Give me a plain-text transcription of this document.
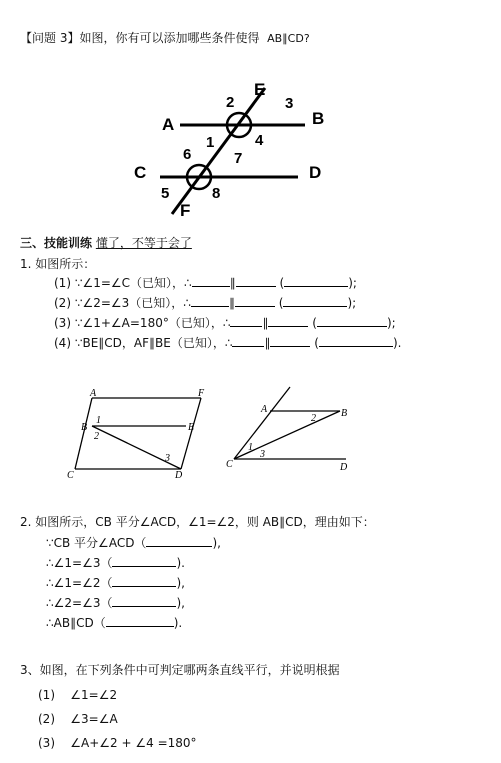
【问题 3】如图，你有可以添加哪些条件使得 AB∥CD?
A	B
C	D
E
F
1
2	3
4
5
6	7
8
三、技能训练 懂了，不等于会了
1. 如图所示：
(1) ∵∠1=∠C（已知），∴	∥	(	);
(2) ∵∠2=∠3（已知），∴	∥	(	);
(3) ∵∠1+∠A=180°（已知），∴	∥	(	);
(4) ∵BE∥CD，AF∥BE（已知），∴	∥	(	).
A	F
B	E
C	D
1
2
3
A	B
C	D
1
2
3
2. 如图所示，CB 平分∠ACD，∠1=∠2，则 AB∥CD，理由如下：
∵CB 平分∠ACD（	),
∴∠1=∠3（	).
∴∠1=∠2（	),
∴∠2=∠3（	),
∴AB∥CD（	).
3、如图，在下列条件中可判定哪两条直线平行，并说明根据
(1) ∠1=∠2
(2) ∠3=∠A
(3) ∠A+∠2 + ∠4 =180°
